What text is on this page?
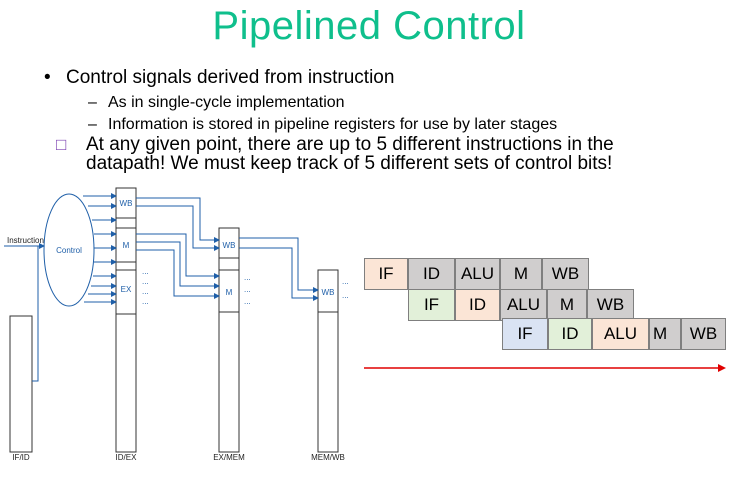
Pipelined Control
• Control signals derived from instruction
– As in single-cycle implementation
– Information is stored in pipeline registers for use by later stages
□ At any given point, there are up to 5 different instructions in the
datapath! We must keep track of 5 different sets of control bits!
WB
M
EX
WB
M	WB
Control
...
...
...
...
...
...
...
...
...
Instruction
IF/ID	ID/EX	EX/MEM	MEM/WB
IF	ID	ALU	M	WB
IF	ID	ALU	M	WB
IF	ID	ALU M	WB
